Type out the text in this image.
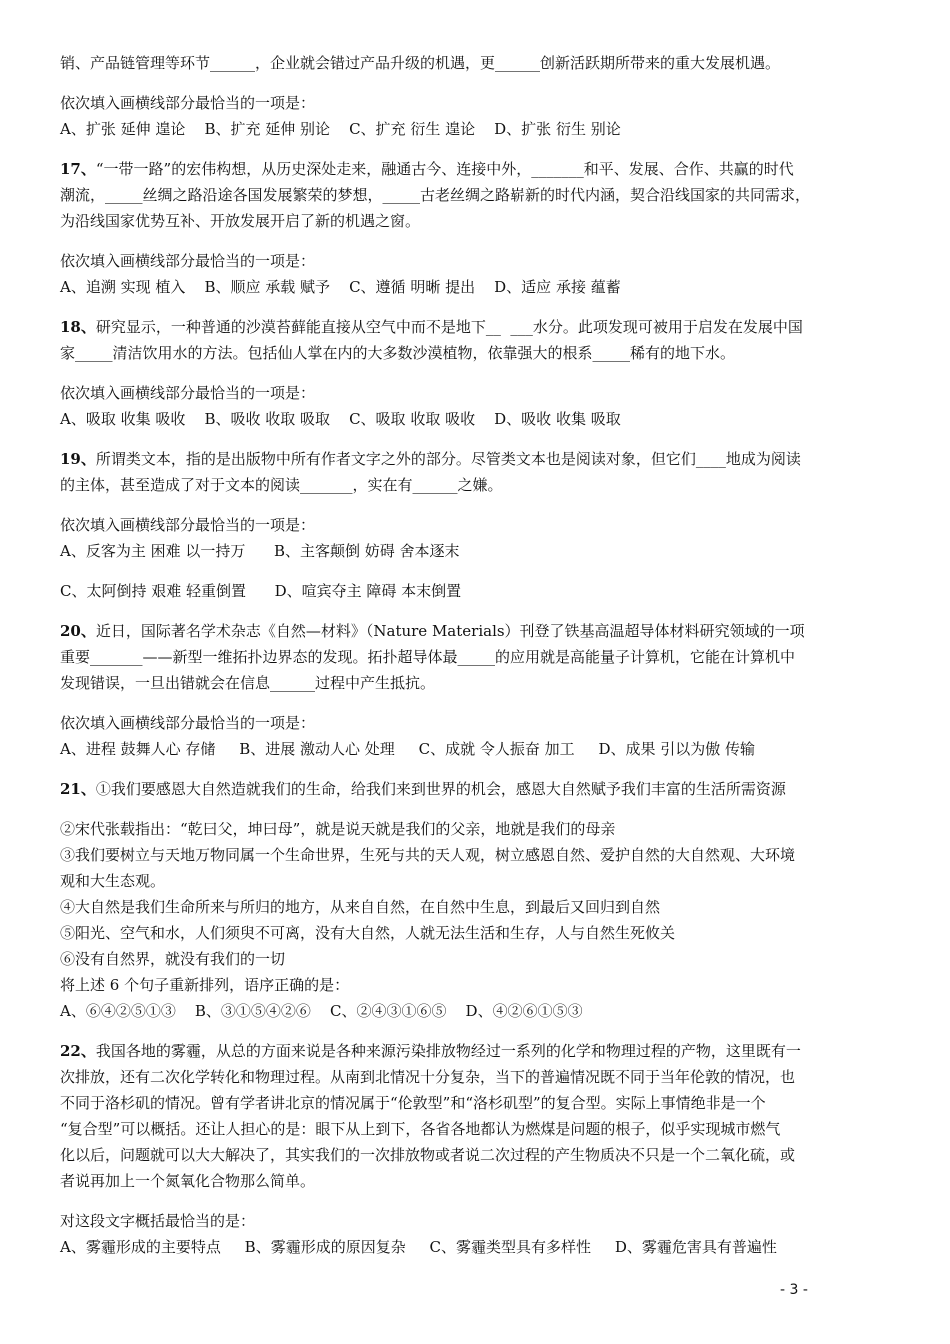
销、产品链管理等环节______，企业就会错过产品升级的机遇，更______创新活跃期所带来的重大发展机遇。

依次填入画横线部分最恰当的一项是：

A、扩张 延伸 遑论    B、扩充 延伸 别论    C、扩充 衍生 遑论    D、扩张 衍生 别论

17、“一带一路”的宏伟构想，从历史深处走来，融通古今、连接中外，_______和平、发展、合作、共赢的时代

潮流，_____丝绸之路沿途各国发展繁荣的梦想，_____古老丝绸之路崭新的时代内涵，契合沿线国家的共同需求，

为沿线国家优势互补、开放发展开启了新的机遇之窗。

依次填入画横线部分最恰当的一项是：

A、追溯 实现 植入    B、顺应 承载 赋予    C、遵循 明晰 提出    D、适应 承接 蕴蓄

18、研究显示，一种普通的沙漠苔藓能直接从空气中而不是地下__  ___水分。此项发现可被用于启发在发展中国

家_____清洁饮用水的方法。包括仙人掌在内的大多数沙漠植物，依靠强大的根系_____稀有的地下水。

依次填入画横线部分最恰当的一项是：

A、吸取 收集 吸收    B、吸收 收取 吸取    C、吸取 收取 吸收    D、吸收 收集 吸取

19、所谓类文本，指的是出版物中所有作者文字之外的部分。尽管类文本也是阅读对象，但它们____地成为阅读

的主体，甚至造成了对于文本的阅读_______，实在有______之嫌。

依次填入画横线部分最恰当的一项是：

A、反客为主 困难 以一持万      B、主客颠倒 妨碍 舍本逐末

C、太阿倒持 艰难 轻重倒置      D、喧宾夺主 障碍 本末倒置

20、近日，国际著名学术杂志《自然—材料》（Nature Materials）刊登了铁基高温超导体材料研究领域的一项

重要_______——新型一维拓扑边界态的发现。拓扑超导体最_____的应用就是高能量子计算机，它能在计算机中

发现错误，一旦出错就会在信息______过程中产生抵抗。

依次填入画横线部分最恰当的一项是：

A、进程 鼓舞人心 存储     B、进展 激动人心 处理     C、成就 令人振奋 加工     D、成果 引以为傲 传输

21、①我们要感恩大自然造就我们的生命，给我们来到世界的机会，感恩大自然赋予我们丰富的生活所需资源

②宋代张载指出：“乾曰父，坤曰母”，就是说天就是我们的父亲，地就是我们的母亲

③我们要树立与天地万物同属一个生命世界，生死与共的天人观，树立感恩自然、爱护自然的大自然观、大环境

观和大生态观。

④大自然是我们生命所来与所归的地方，从来自自然，在自然中生息，到最后又回归到自然

⑤阳光、空气和水，人们须臾不可离，没有大自然，人就无法生活和生存，人与自然生死攸关

⑥没有自然界，就没有我们的一切

将上述 6 个句子重新排列，语序正确的是：

A、⑥④②⑤①③    B、③①⑤④②⑥    C、②④③①⑥⑤    D、④②⑥①⑤③

22、我国各地的雾霾，从总的方面来说是各种来源污染排放物经过一系列的化学和物理过程的产物，这里既有一

次排放，还有二次化学转化和物理过程。从南到北情况十分复杂，当下的普遍情况既不同于当年伦敦的情况，也

不同于洛杉矶的情况。曾有学者讲北京的情况属于“伦敦型”和“洛杉矶型”的复合型。实际上事情绝非是一个

“复合型”可以概括。还让人担心的是：眼下从上到下，各省各地都认为燃煤是问题的根子，似乎实现城市燃气

化以后，问题就可以大大解决了，其实我们的一次排放物或者说二次过程的产生物质决不只是一个二氧化硫，或

者说再加上一个氮氧化合物那么简单。

对这段文字概括最恰当的是：

A、雾霾形成的主要特点     B、雾霾形成的原因复杂     C、雾霾类型具有多样性     D、雾霾危害具有普遍性

- 3 -
